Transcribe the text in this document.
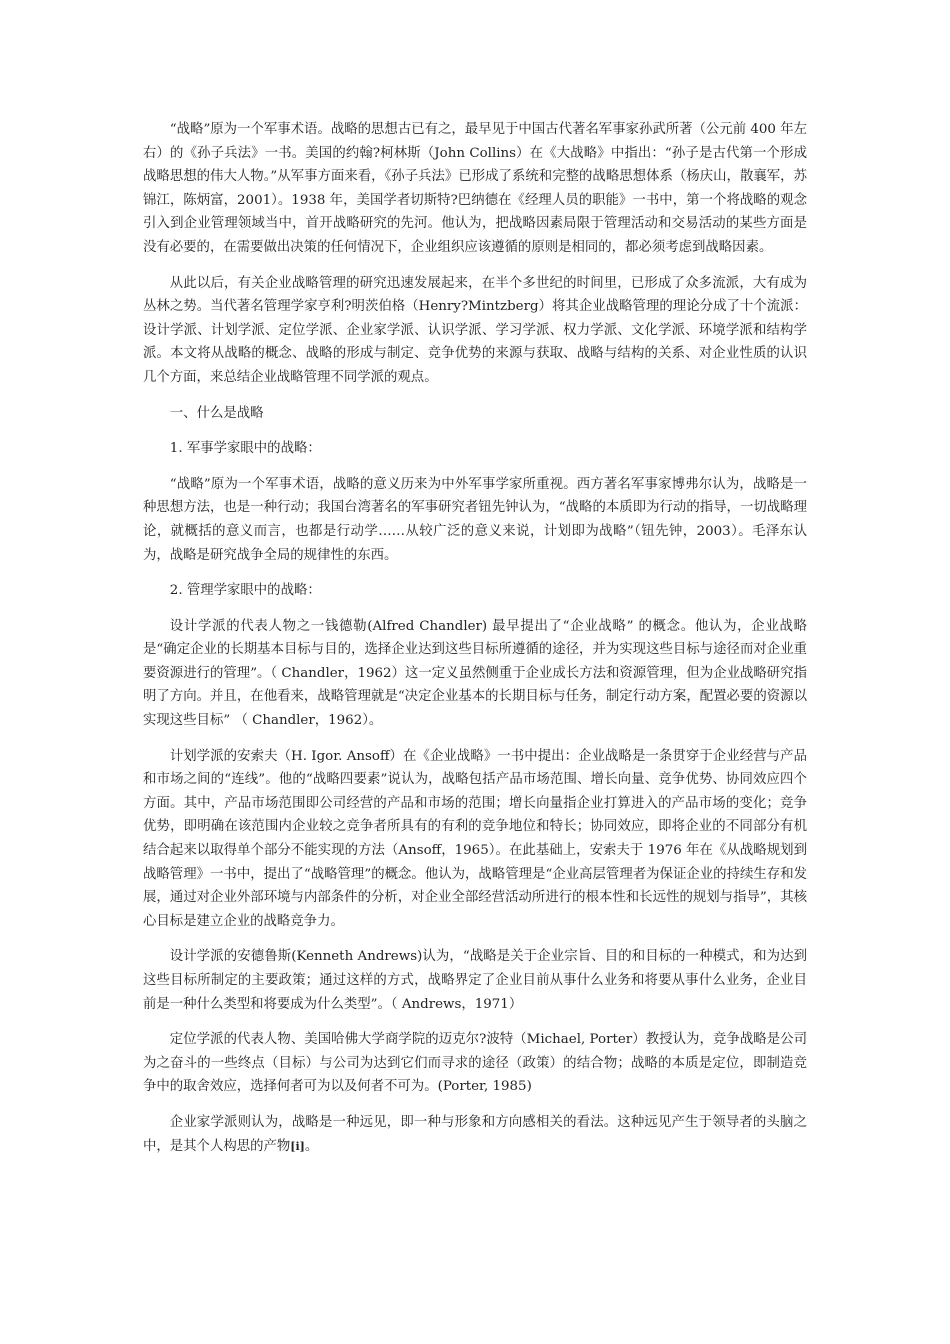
“战略”原为一个军事术语。战略的思想古已有之，最早见于中国古代著名军事家孙武所著（公元前 400 年左右）的《孙子兵法》一书。美国的约翰?柯林斯（John Collins）在《大战略》中指出：“孙子是古代第一个形成战略思想的伟大人物。”从军事方面来看，《孙子兵法》已形成了系统和完整的战略思想体系（杨庆山，散襄军，苏锦江，陈炳富，2001）。1938 年，美国学者切斯特?巴纳德在《经理人员的职能》一书中，第一个将战略的观念引入到企业管理领域当中，首开战略研究的先河。他认为，把战略因素局限于管理活动和交易活动的某些方面是没有必要的，在需要做出决策的任何情况下，企业组织应该遵循的原则是相同的，都必须考虑到战略因素。

从此以后，有关企业战略管理的研究迅速发展起来，在半个多世纪的时间里，已形成了众多流派，大有成为丛林之势。当代著名管理学家亨利?明茨伯格（Henry?Mintzberg）将其企业战略管理的理论分成了十个流派：设计学派、计划学派、定位学派、企业家学派、认识学派、学习学派、权力学派、文化学派、环境学派和结构学派。本文将从战略的概念、战略的形成与制定、竞争优势的来源与获取、战略与结构的关系、对企业性质的认识几个方面，来总结企业战略管理不同学派的观点。

一、什么是战略

1. 军事学家眼中的战略：

“战略”原为一个军事术语，战略的意义历来为中外军事学家所重视。西方著名军事家博弗尔认为，战略是一种思想方法，也是一种行动；我国台湾著名的军事研究者钮先钟认为，“战略的本质即为行动的指导，一切战略理论，就概括的意义而言，也都是行动学……从较广泛的意义来说，计划即为战略”（钮先钟，2003）。毛泽东认为，战略是研究战争全局的规律性的东西。

2. 管理学家眼中的战略：

设计学派的代表人物之一钱德勒(Alfred Chandler) 最早提出了“企业战略” 的概念。他认为，企业战略是“确定企业的长期基本目标与目的，选择企业达到这些目标所遵循的途径，并为实现这些目标与途径而对企业重要资源进行的管理”。（ Chandler，1962）这一定义虽然侧重于企业成长方法和资源管理，但为企业战略研究指明了方向。并且，在他看来，战略管理就是“决定企业基本的长期目标与任务，制定行动方案，配置必要的资源以实现这些目标” （ Chandler，1962）。

计划学派的安索夫（H. Igor. Ansoff）在《企业战略》一书中提出：企业战略是一条贯穿于企业经营与产品和市场之间的“连线”。他的“战略四要素”说认为，战略包括产品市场范围、增长向量、竞争优势、协同效应四个方面。其中，产品市场范围即公司经营的产品和市场的范围；增长向量指企业打算进入的产品市场的变化；竞争优势，即明确在该范围内企业较之竞争者所具有的有利的竞争地位和特长；协同效应，即将企业的不同部分有机结合起来以取得单个部分不能实现的方法（Ansoff，1965）。在此基础上，安索夫于 1976 年在《从战略规划到战略管理》一书中，提出了“战略管理”的概念。他认为，战略管理是“企业高层管理者为保证企业的持续生存和发展，通过对企业外部环境与内部条件的分析，对企业全部经营活动所进行的根本性和长远性的规划与指导”，其核心目标是建立企业的战略竞争力。

设计学派的安德鲁斯(Kenneth Andrews)认为，“战略是关于企业宗旨、目的和目标的一种模式，和为达到这些目标所制定的主要政策；通过这样的方式，战略界定了企业目前从事什么业务和将要从事什么业务，企业目前是一种什么类型和将要成为什么类型”。（ Andrews，1971）

定位学派的代表人物、美国哈佛大学商学院的迈克尔?波特（Michael, Porter）教授认为，竞争战略是公司为之奋斗的一些终点（目标）与公司为达到它们而寻求的途径（政策）的结合物；战略的本质是定位，即制造竞争中的取舍效应，选择何者可为以及何者不可为。(Porter, 1985)

企业家学派则认为，战略是一种远见，即一种与形象和方向感相关的看法。这种远见产生于领导者的头脑之中，是其个人构思的产物[i]。
